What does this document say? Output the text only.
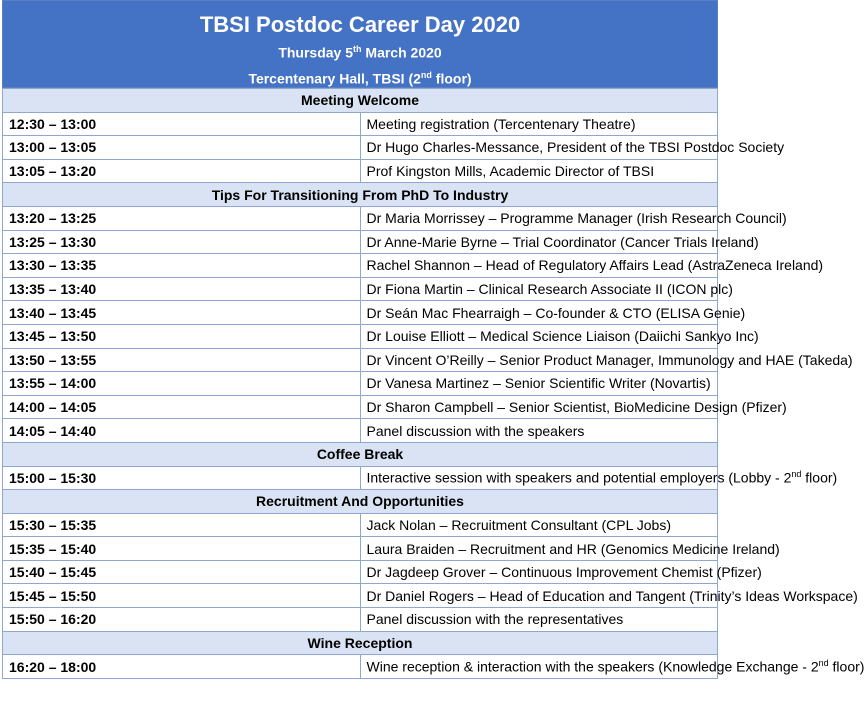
TBSI Postdoc Career Day 2020
Thursday 5th March 2020
Tercentenary Hall, TBSI (2nd floor)
Meeting Welcome	
12:30 – 13:00	Meeting registration (Tercentenary Theatre)
13:00 – 13:05	Dr Hugo Charles-Messance, President of the TBSI Postdoc Society
13:05 – 13:20	Prof Kingston Mills, Academic Director of TBSI
Tips For Transitioning From PhD To Industry	
13:20 – 13:25	Dr Maria Morrissey – Programme Manager (Irish Research Council)
13:25 – 13:30	Dr Anne-Marie Byrne – Trial Coordinator (Cancer Trials Ireland)
13:30 – 13:35	Rachel Shannon – Head of Regulatory Affairs Lead (AstraZeneca Ireland)
13:35 – 13:40	Dr Fiona Martin – Clinical Research Associate II (ICON plc)
13:40 – 13:45	Dr Seán Mac Fhearraigh – Co-founder & CTO (ELISA Genie)
13:45 – 13:50	Dr Louise Elliott – Medical Science Liaison (Daiichi Sankyo Inc)
13:50 – 13:55	Dr Vincent O’Reilly – Senior Product Manager, Immunology and HAE (Takeda)
13:55 – 14:00	Dr Vanesa Martinez – Senior Scientific Writer (Novartis)
14:00 – 14:05	Dr Sharon Campbell – Senior Scientist, BioMedicine Design (Pfizer)
14:05 – 14:40	Panel discussion with the speakers
Coffee Break	
15:00 – 15:30	Interactive session with speakers and potential employers (Lobby - 2nd floor)
Recruitment And Opportunities	
15:30 – 15:35	Jack Nolan – Recruitment Consultant (CPL Jobs)
15:35 – 15:40	Laura Braiden – Recruitment and HR (Genomics Medicine Ireland)
15:40 – 15:45	Dr Jagdeep Grover – Continuous Improvement Chemist (Pfizer)
15:45 – 15:50	Dr Daniel Rogers – Head of Education and Tangent (Trinity’s Ideas Workspace)
15:50 – 16:20	Panel discussion with the representatives
Wine Reception	
16:20 – 18:00	Wine reception & interaction with the speakers (Knowledge Exchange - 2nd floor)
